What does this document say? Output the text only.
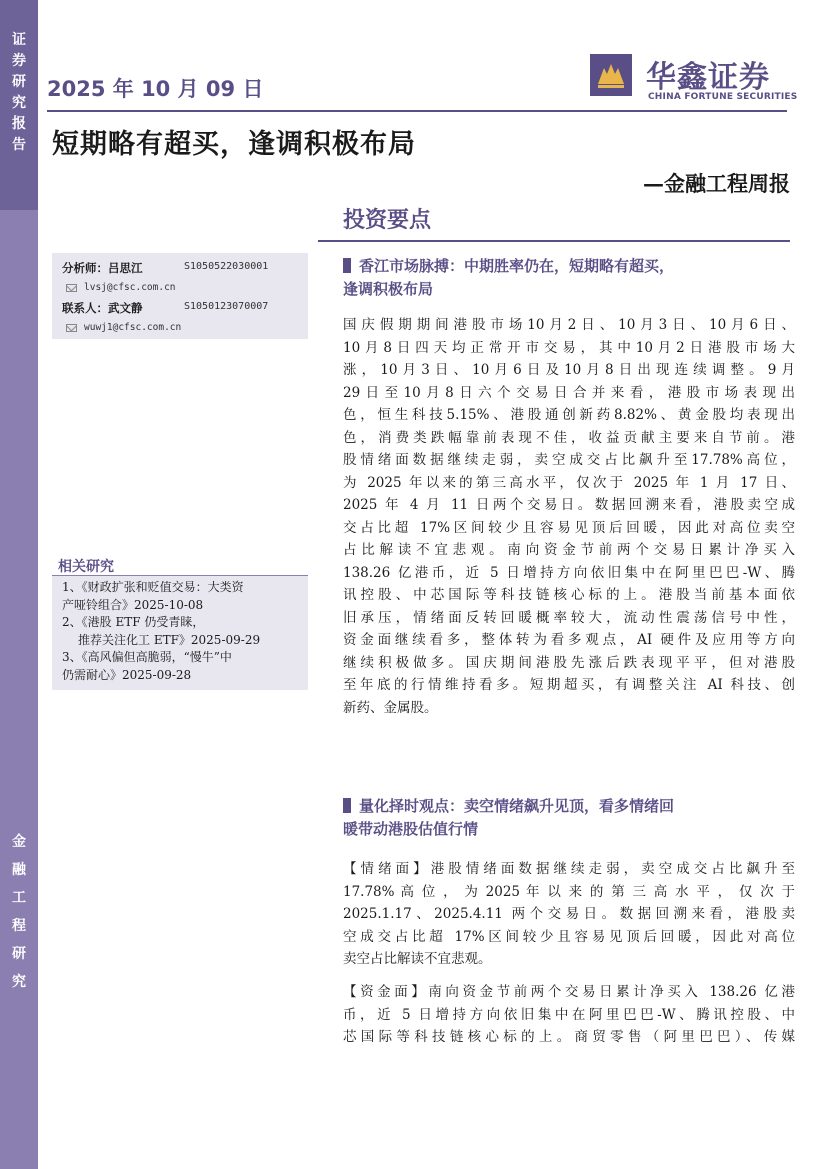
证
券
研
究
报
告
金
融
工
程
研
究
2025 年 10 月 09 日	华鑫证券
CHINA FORTUNE SECURITIES
短期略有超买，逢调积极布局
—金融工程周报
投资要点
分析师：吕思江	S1050522030001
lvsj@cfsc.com.cn
联系人：武文静	S1050123070007
wuwj1@cfsc.com.cn
相关研究
1、《财政扩张和贬值交易：大类资
产哑铃组合》2025-10-08
2、《港股 ETF 仍受青睐，
推荐关注化工 ETF》2025-09-29
3、《高风偏但高脆弱，“慢牛”中
仍需耐心》2025-09-28
香江市场脉搏：中期胜率仍在，短期略有超买，
逢调积极布局
国庆假期期间港股市场10月2日、10月3日、10月6日、
10月8日四天均正常开市交易，其中10月2日港股市场大
涨，10月3日、10月6日及10月8日出现连续调整。9月
29日至10月8日六个交易日合并来看，港股市场表现出
色，恒生科技5.15%、港股通创新药8.82%、黄金股均表现出
色，消费类跌幅靠前表现不佳，收益贡献主要来自节前。港
股情绪面数据继续走弱，卖空成交占比飙升至17.78%高位，
为 2025 年以来的第三高水平，仅次于 2025 年 1 月 17 日、
2025 年 4 月 11 日两个交易日。数据回溯来看，港股卖空成
交占比超 17%区间较少且容易见顶后回暖，因此对高位卖空
占比解读不宜悲观。南向资金节前两个交易日累计净买入
138.26 亿港币，近 5 日增持方向依旧集中在阿里巴巴-W、腾
讯控股、中芯国际等科技链核心标的上。港股当前基本面依
旧承压，情绪面反转回暖概率较大，流动性震荡信号中性，
资金面继续看多，整体转为看多观点，AI 硬件及应用等方向
继续积极做多。国庆期间港股先涨后跌表现平平，但对港股
至年底的行情维持看多。短期超买，有调整关注 AI 科技、创
新药、金属股。
量化择时观点：卖空情绪飙升见顶，看多情绪回
暖带动港股估值行情
【情绪面】港股情绪面数据继续走弱，卖空成交占比飙升至
17.78% 高 位 ， 为 2025 年 以 来 的 第 三 高 水 平 ， 仅 次 于
2025.1.17、2025.4.11 两个交易日。数据回溯来看，港股卖
空成交占比超 17%区间较少且容易见顶后回暖，因此对高位
卖空占比解读不宜悲观。
【资金面】南向资金节前两个交易日累计净买入 138.26 亿港
币，近 5 日增持方向依旧集中在阿里巴巴-W、腾讯控股、中
芯国际等科技链核心标的上。商贸零售（阿里巴巴）、传媒
